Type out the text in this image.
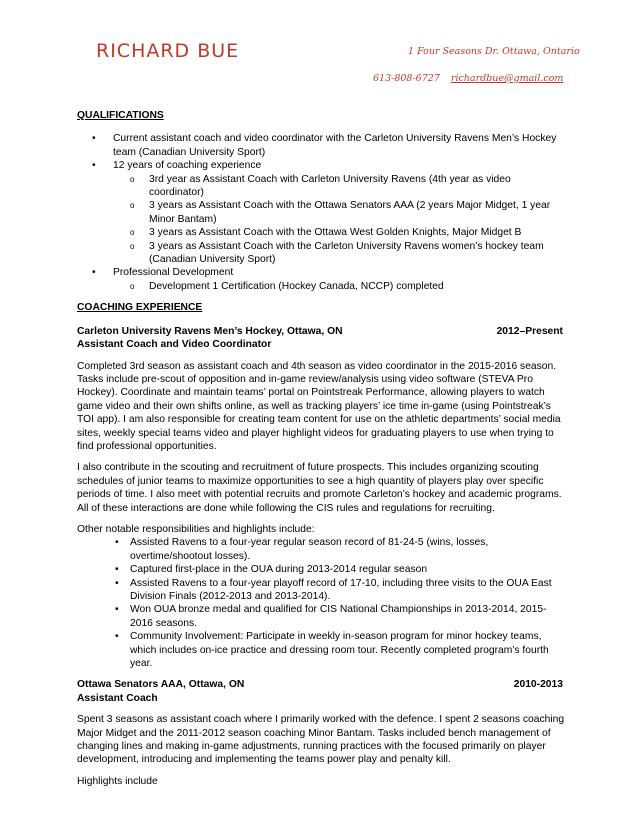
RICHARD BUE	1 Four Seasons Dr. Ottawa, Ontario
613-808-6727 richardbue@gmail.com
QUALIFICATIONS
• Current assistant coach and video coordinator with the Carleton University Ravens Men’s Hockey team (Canadian University Sport)
• 12 years of coaching experience
o 3rd year as Assistant Coach with Carleton University Ravens (4th year as video coordinator)
o 3 years as Assistant Coach with the Ottawa Senators AAA (2 years Major Midget, 1 year Minor Bantam)
o 3 years as Assistant Coach with the Ottawa West Golden Knights, Major Midget B
o 3 years as Assistant Coach with the Carleton University Ravens women’s hockey team (Canadian University Sport)
• Professional Development
o Development 1 Certification (Hockey Canada, NCCP) completed
COACHING EXPERIENCE
Carleton University Ravens Men’s Hockey, Ottawa, ON	2012–Present
Assistant Coach and Video Coordinator

Completed 3rd season as assistant coach and 4th season as video coordinator in the 2015-2016 season. Tasks include pre-scout of opposition and in-game review/analysis using video software (STEVA Pro Hockey). Coordinate and maintain teams’ portal on Pointstreak Performance, allowing players to watch game video and their own shifts online, as well as tracking players’ ice time in-game (using Pointstreak’s TOI app). I am also responsible for creating team content for use on the athletic departments’ social media sites, weekly special teams video and player highlight videos for graduating players to use when trying to find professional opportunities.

I also contribute in the scouting and recruitment of future prospects. This includes organizing scouting schedules of junior teams to maximize opportunities to see a high quantity of players play over specific periods of time. I also meet with potential recruits and promote Carleton’s hockey and academic programs. All of these interactions are done while following the CIS rules and regulations for recruiting.

Other notable responsibilities and highlights include:

• Assisted Ravens to a four-year regular season record of 81-24-5 (wins, losses, overtime/shootout losses).
• Captured first-place in the OUA during 2013-2014 regular season
• Assisted Ravens to a four-year playoff record of 17-10, including three visits to the OUA East Division Finals (2012-2013 and 2013-2014).
• Won OUA bronze medal and qualified for CIS National Championships in 2013-2014, 2015-2016 seasons.
• Community Involvement: Participate in weekly in-season program for minor hockey teams, which includes on-ice practice and dressing room tour. Recently completed program’s fourth year.
Ottawa Senators AAA, Ottawa, ON	2010-2013
Assistant Coach

Spent 3 seasons as assistant coach where I primarily worked with the defence. I spent 2 seasons coaching Major Midget and the 2011-2012 season coaching Minor Bantam. Tasks included bench management of changing lines and making in-game adjustments, running practices with the focused primarily on player development, introducing and implementing the teams power play and penalty kill.

Highlights include
